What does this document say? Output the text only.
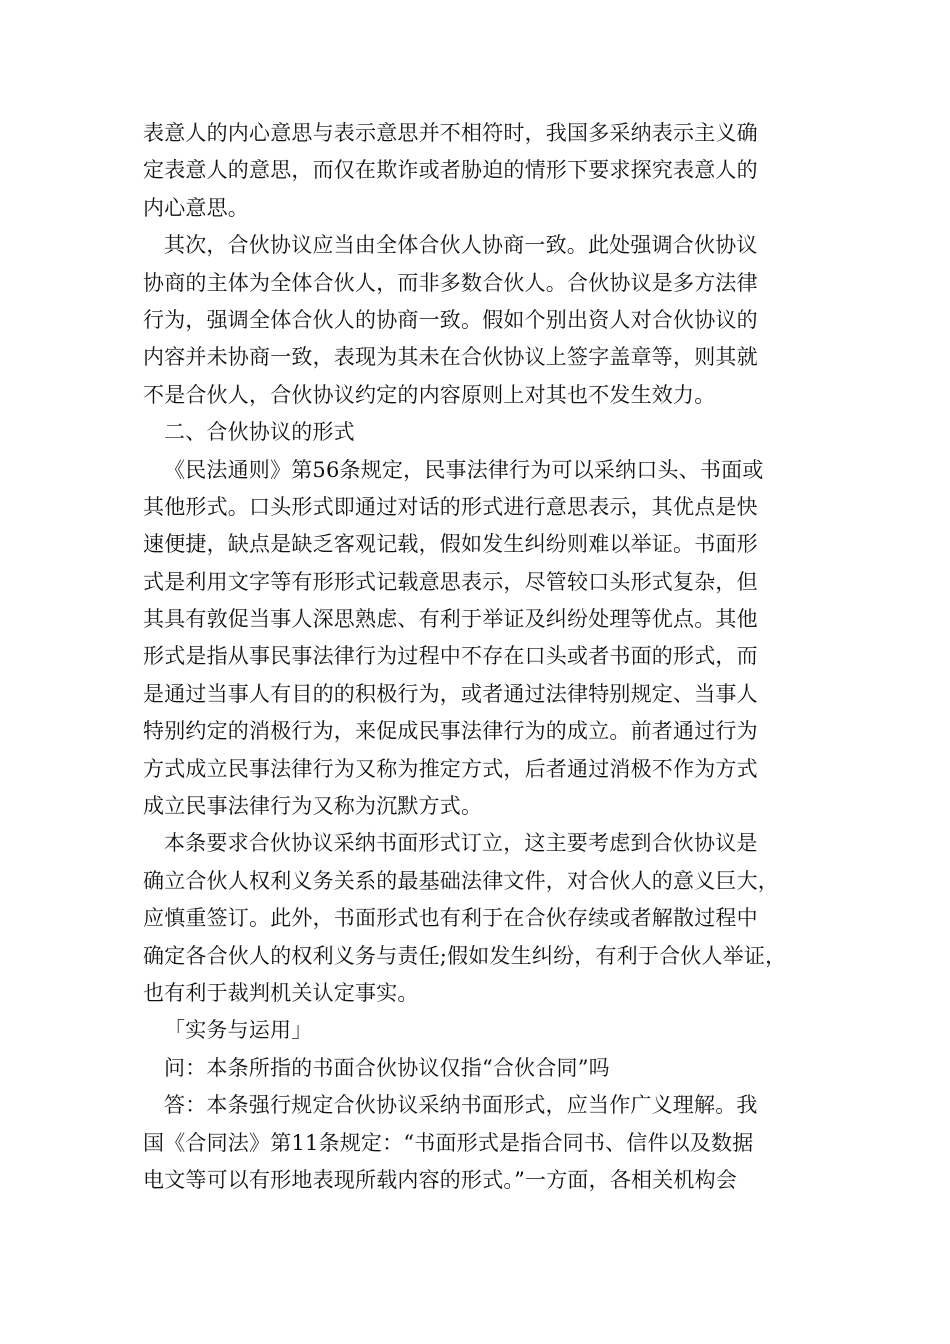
表意人的内心意思与表示意思并不相符时，我国多采纳表示主义确
定表意人的意思，而仅在欺诈或者胁迫的情形下要求探究表意人的
内心意思。
其次，合伙协议应当由全体合伙人协商一致。此处强调合伙协议
协商的主体为全体合伙人，而非多数合伙人。合伙协议是多方法律
行为，强调全体合伙人的协商一致。假如个别出资人对合伙协议的
内容并未协商一致，表现为其未在合伙协议上签字盖章等，则其就
不是合伙人，合伙协议约定的内容原则上对其也不发生效力。
二、合伙协议的形式
《民法通则》第56条规定，民事法律行为可以采纳口头、书面或
其他形式。口头形式即通过对话的形式进行意思表示，其优点是快
速便捷，缺点是缺乏客观记载，假如发生纠纷则难以举证。书面形
式是利用文字等有形形式记载意思表示，尽管较口头形式复杂，但
其具有敦促当事人深思熟虑、有利于举证及纠纷处理等优点。其他
形式是指从事民事法律行为过程中不存在口头或者书面的形式，而
是通过当事人有目的的积极行为，或者通过法律特别规定、当事人
特别约定的消极行为，来促成民事法律行为的成立。前者通过行为
方式成立民事法律行为又称为推定方式，后者通过消极不作为方式
成立民事法律行为又称为沉默方式。
本条要求合伙协议采纳书面形式订立，这主要考虑到合伙协议是
确立合伙人权利义务关系的最基础法律文件，对合伙人的意义巨大，
应慎重签订。此外，书面形式也有利于在合伙存续或者解散过程中
确定各合伙人的权利义务与责任;假如发生纠纷，有利于合伙人举证，
也有利于裁判机关认定事实。
「实务与运用」
问：本条所指的书面合伙协议仅指“合伙合同”吗
答：本条强行规定合伙协议采纳书面形式，应当作广义理解。我
国《合同法》第11条规定：“书面形式是指合同书、信件以及数据
电文等可以有形地表现所载内容的形式。”一方面，各相关机构会
